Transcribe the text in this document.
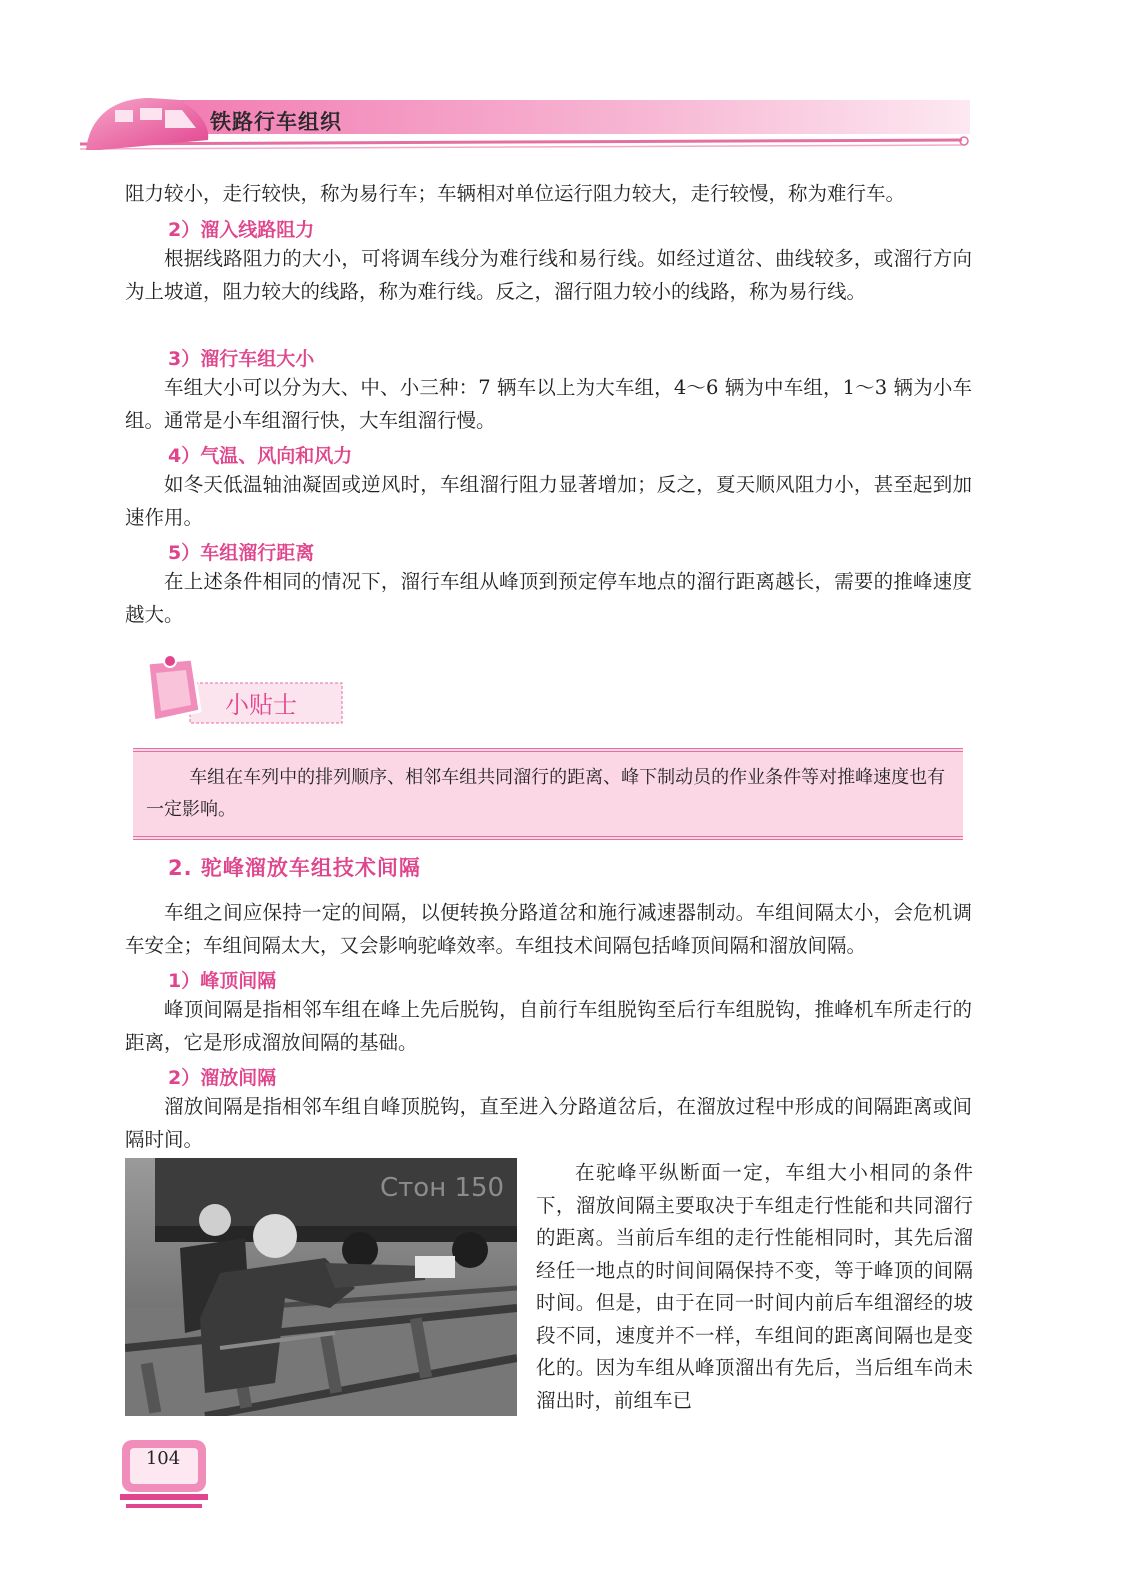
铁路行车组织

阻力较小，走行较快，称为易行车；车辆相对单位运行阻力较大，走行较慢，称为难行车。

2）溜入线路阻力

根据线路阻力的大小，可将调车线分为难行线和易行线。如经过道岔、曲线较多，或溜行方向为上坡道，阻力较大的线路，称为难行线。反之，溜行阻力较小的线路，称为易行线。

3）溜行车组大小

车组大小可以分为大、中、小三种：7 辆车以上为大车组，4～6 辆为中车组，1～3 辆为小车组。通常是小车组溜行快，大车组溜行慢。

4）气温、风向和风力

如冬天低温轴油凝固或逆风时，车组溜行阻力显著增加；反之，夏天顺风阻力小，甚至起到加速作用。

5）车组溜行距离

在上述条件相同的情况下，溜行车组从峰顶到预定停车地点的溜行距离越长，需要的推峰速度越大。

小贴士

车组在车列中的排列顺序、相邻车组共同溜行的距离、峰下制动员的作业条件等对推峰速度也有一定影响。

2. 驼峰溜放车组技术间隔

车组之间应保持一定的间隔，以便转换分路道岔和施行减速器制动。车组间隔太小，会危机调车安全；车组间隔太大，又会影响驼峰效率。车组技术间隔包括峰顶间隔和溜放间隔。

1）峰顶间隔

峰顶间隔是指相邻车组在峰上先后脱钩，自前行车组脱钩至后行车组脱钩，推峰机车所走行的距离，它是形成溜放间隔的基础。

2）溜放间隔

溜放间隔是指相邻车组自峰顶脱钩，直至进入分路道岔后，在溜放过程中形成的间隔距离或间隔时间。

Стон 150

在驼峰平纵断面一定，车组大小相同的条件下，溜放间隔主要取决于车组走行性能和共同溜行的距离。当前后车组的走行性能相同时，其先后溜经任一地点的时间间隔保持不变，等于峰顶的间隔时间。但是，由于在同一时间内前后车组溜经的坡段不同，速度并不一样，车组间的距离间隔也是变化的。因为车组从峰顶溜出有先后，当后组车尚未溜出时，前组车已

104
